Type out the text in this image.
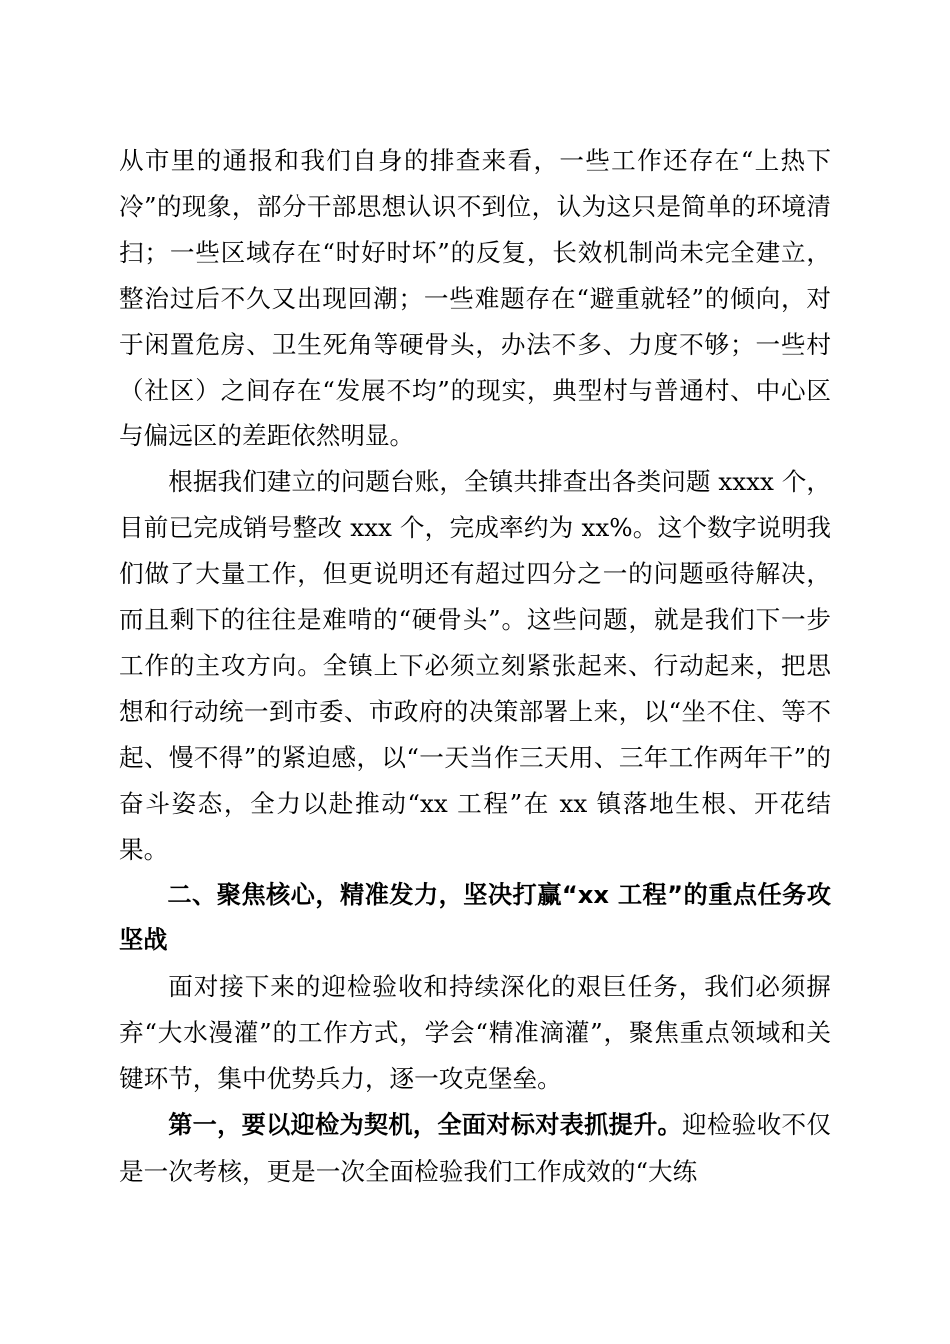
从市里的通报和我们自身的排查来看，一些工作还存在“上热下冷”的现象，部分干部思想认识不到位，认为这只是简单的环境清扫；一些区域存在“时好时坏”的反复，长效机制尚未完全建立，整治过后不久又出现回潮；一些难题存在“避重就轻”的倾向，对于闲置危房、卫生死角等硬骨头，办法不多、力度不够；一些村（社区）之间存在“发展不均”的现实，典型村与普通村、中心区与偏远区的差距依然明显。

根据我们建立的问题台账，全镇共排查出各类问题 xxxx 个，目前已完成销号整改 xxx 个，完成率约为 xx%。这个数字说明我们做了大量工作，但更说明还有超过四分之一的问题亟待解决，而且剩下的往往是难啃的“硬骨头”。这些问题，就是我们下一步工作的主攻方向。全镇上下必须立刻紧张起来、行动起来，把思想和行动统一到市委、市政府的决策部署上来，以“坐不住、等不起、慢不得”的紧迫感，以“一天当作三天用、三年工作两年干”的奋斗姿态，全力以赴推动“xx 工程”在 xx 镇落地生根、开花结果。

二、聚焦核心，精准发力，坚决打赢“xx 工程”的重点任务攻坚战

面对接下来的迎检验收和持续深化的艰巨任务，我们必须摒弃“大水漫灌”的工作方式，学会“精准滴灌”，聚焦重点领域和关键环节，集中优势兵力，逐一攻克堡垒。

第一，要以迎检为契机，全面对标对表抓提升。迎检验收不仅是一次考核，更是一次全面检验我们工作成效的“大练
